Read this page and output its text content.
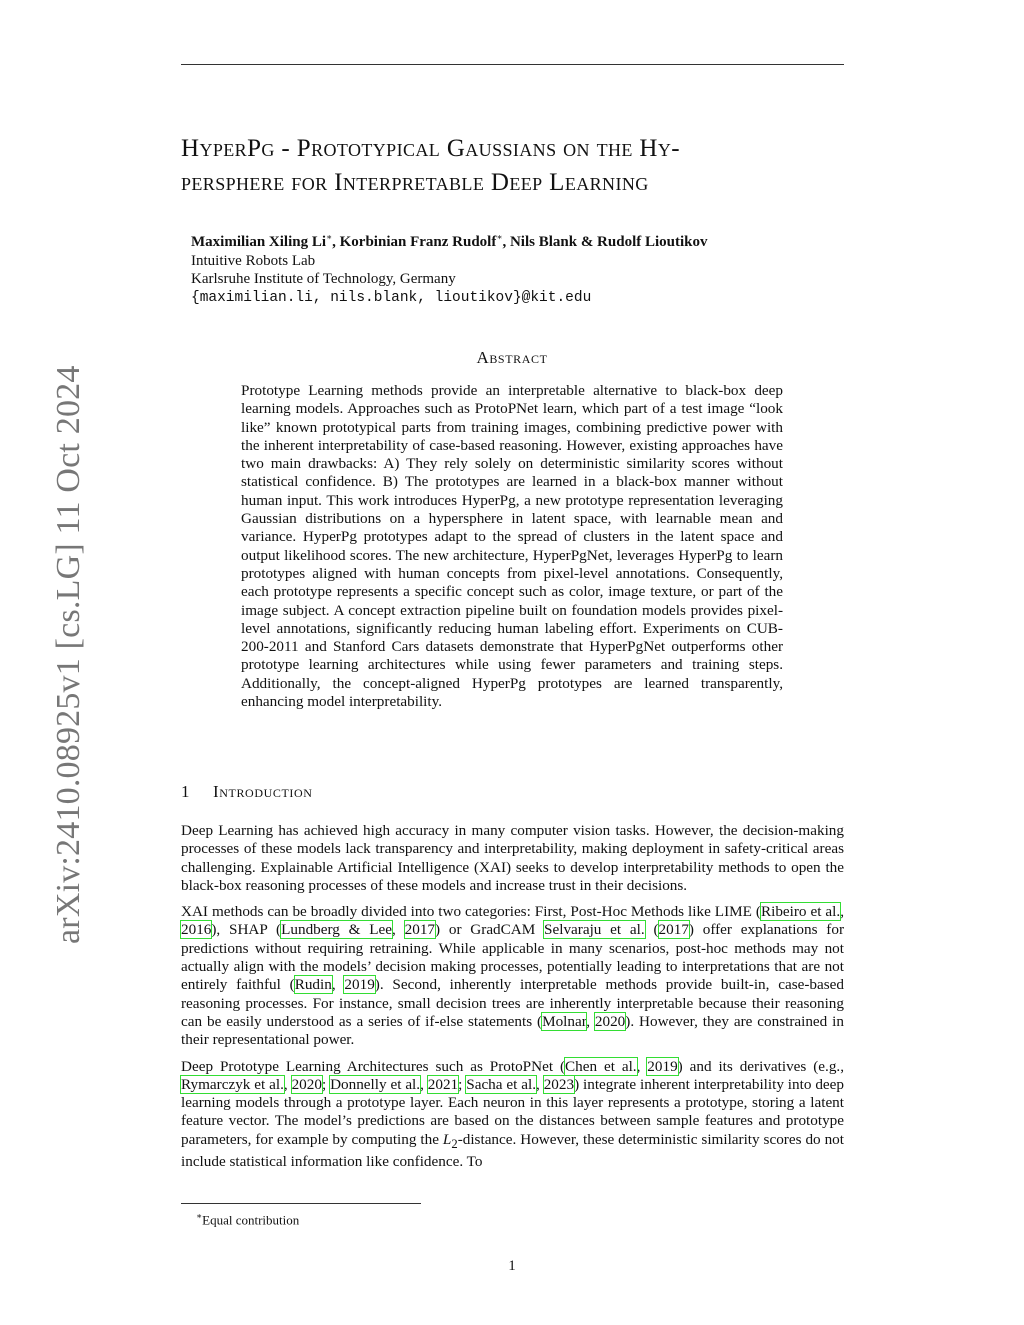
HyperPg - Prototypical Gaussians on the Hy-
persphere for Interpretable Deep Learning
Maximilian Xiling Li∗, Korbinian Franz Rudolf∗, Nils Blank & Rudolf Lioutikov
Intuitive Robots Lab
Karlsruhe Institute of Technology, Germany
{maximilian.li, nils.blank, lioutikov}@kit.edu
arXiv:2410.08925v1 [cs.LG] 11 Oct 2024
Abstract

Prototype Learning methods provide an interpretable alternative to black-box deep learning models. Approaches such as ProtoPNet learn, which part of a test image “look like” known prototypical parts from training images, combining predictive power with the inherent interpretability of case-based reasoning. However, existing approaches have two main drawbacks: A) They rely solely on deterministic similarity scores without statistical confidence. B) The prototypes are learned in a black-box manner without human input. This work introduces HyperPg, a new prototype representation leveraging Gaussian distributions on a hypersphere in latent space, with learnable mean and variance. HyperPg prototypes adapt to the spread of clusters in the latent space and output likelihood scores. The new architecture, HyperPgNet, leverages HyperPg to learn prototypes aligned with human concepts from pixel-level annotations. Consequently, each prototype represents a specific concept such as color, image texture, or part of the image subject. A concept extraction pipeline built on foundation models provides pixel-level annotations, significantly reducing human labeling effort. Experiments on CUB-200-2011 and Stanford Cars datasets demonstrate that HyperPgNet outperforms other prototype learning architectures while using fewer parameters and training steps. Additionally, the concept-aligned HyperPg prototypes are learned transparently, enhancing model interpretability.

1 Introduction

Deep Learning has achieved high accuracy in many computer vision tasks. However, the decision-making processes of these models lack transparency and interpretability, making deployment in safety-critical areas challenging. Explainable Artificial Intelligence (XAI) seeks to develop interpretability methods to open the black-box reasoning processes of these models and increase trust in their decisions.

XAI methods can be broadly divided into two categories: First, Post-Hoc Methods like LIME (Ribeiro et al., 2016), SHAP (Lundberg & Lee, 2017) or GradCAM Selvaraju et al. (2017) offer explanations for predictions without requiring retraining. While applicable in many scenarios, post-hoc methods may not actually align with the models’ decision making processes, potentially leading to interpretations that are not entirely faithful (Rudin, 2019). Second, inherently interpretable methods provide built-in, case-based reasoning processes. For instance, small decision trees are inherently interpretable because their reasoning can be easily understood as a series of if-else statements (Molnar, 2020). However, they are constrained in their representational power.

Deep Prototype Learning Architectures such as ProtoPNet (Chen et al., 2019) and its derivatives (e.g., Rymarczyk et al., 2020; Donnelly et al., 2021; Sacha et al., 2023) integrate inherent interpretability into deep learning models through a prototype layer. Each neuron in this layer represents a prototype, storing a latent feature vector. The model’s predictions are based on the distances between sample features and prototype parameters, for example by computing the $L_2$-distance. However, these deterministic similarity scores do not include statistical information like confidence. To

∗Equal contribution
1
